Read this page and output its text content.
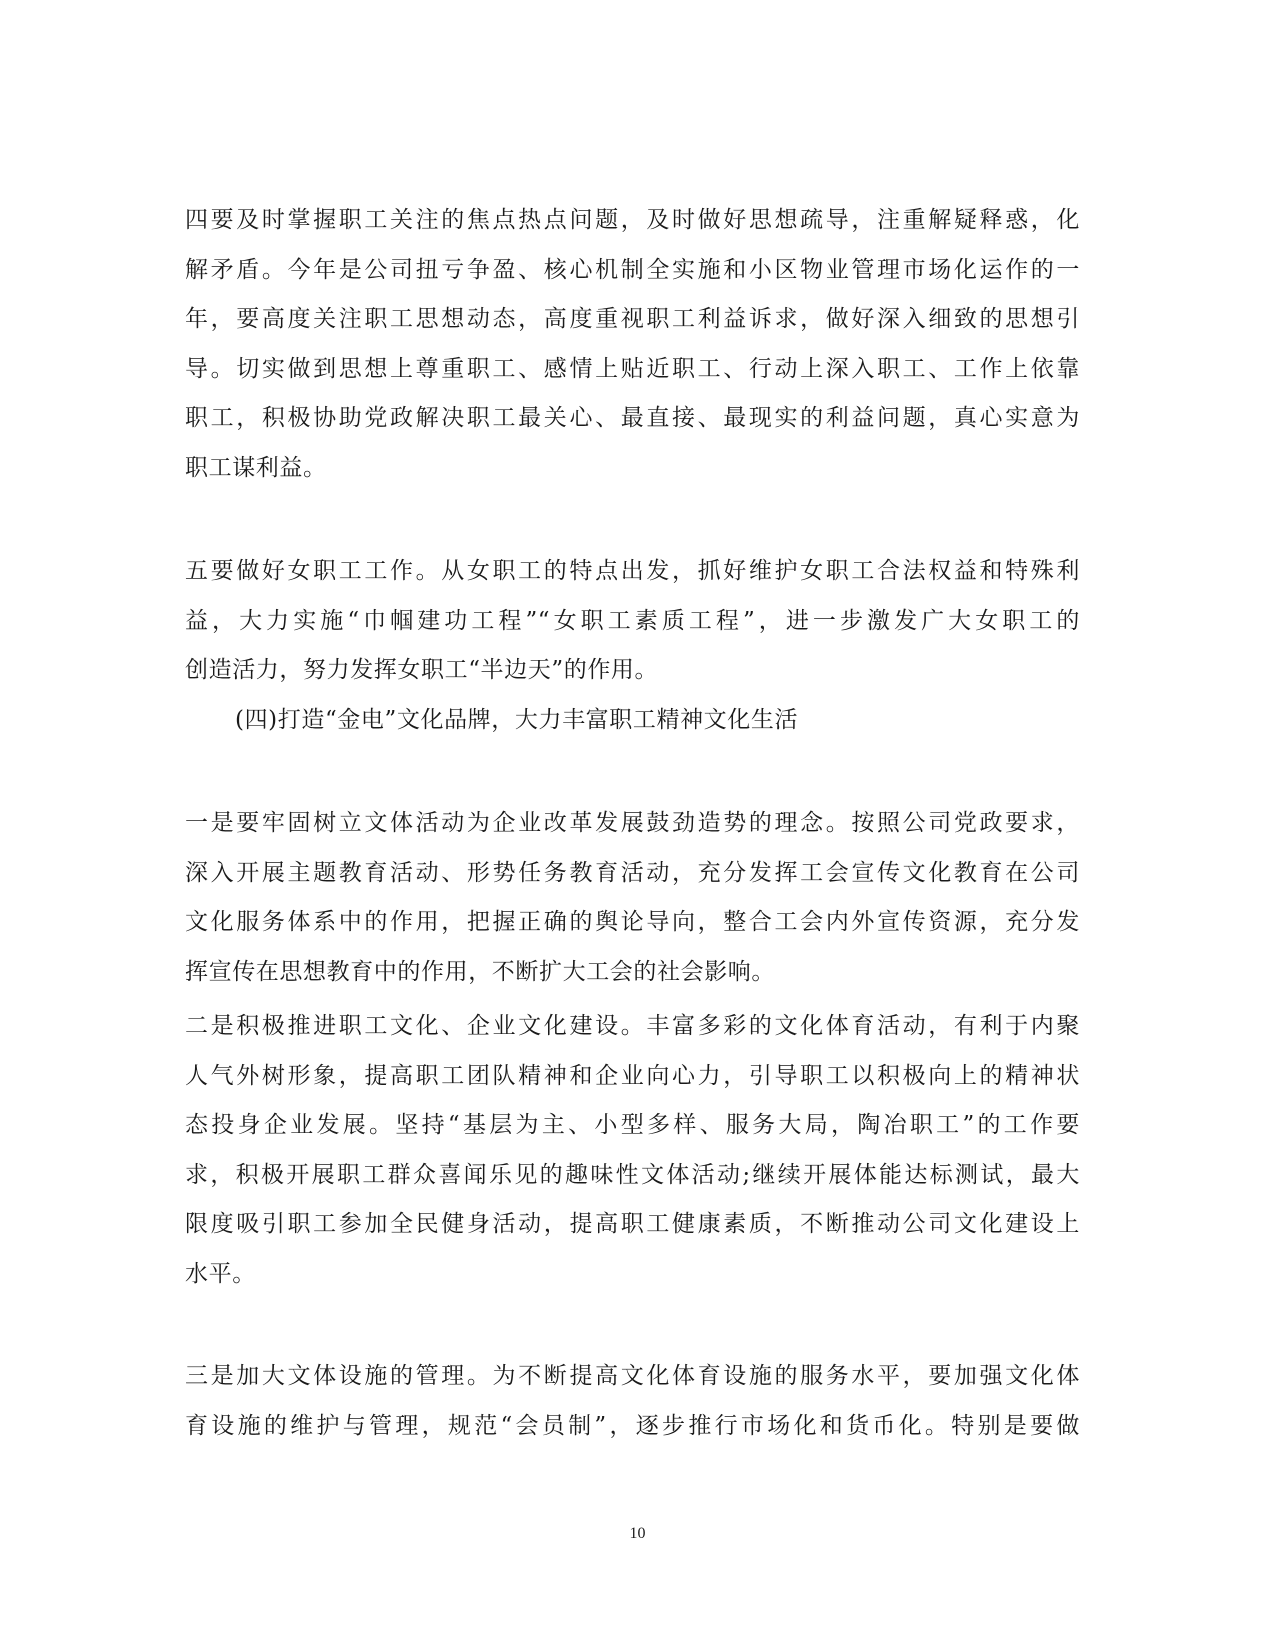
四要及时掌握职工关注的焦点热点问题，及时做好思想疏导，注重解疑释惑，化
解矛盾。今年是公司扭亏争盈、核心机制全实施和小区物业管理市场化运作的一
年，要高度关注职工思想动态，高度重视职工利益诉求，做好深入细致的思想引
导。切实做到思想上尊重职工、感情上贴近职工、行动上深入职工、工作上依靠
职工，积极协助党政解决职工最关心、最直接、最现实的利益问题，真心实意为
职工谋利益。
五要做好女职工工作。从女职工的特点出发，抓好维护女职工合法权益和特殊利
益，大力实施“巾帼建功工程”“女职工素质工程”，进一步激发广大女职工的
创造活力，努力发挥女职工“半边天”的作用。
(四)打造“金电”文化品牌，大力丰富职工精神文化生活
一是要牢固树立文体活动为企业改革发展鼓劲造势的理念。按照公司党政要求，
深入开展主题教育活动、形势任务教育活动，充分发挥工会宣传文化教育在公司
文化服务体系中的作用，把握正确的舆论导向，整合工会内外宣传资源，充分发
挥宣传在思想教育中的作用，不断扩大工会的社会影响。
二是积极推进职工文化、企业文化建设。丰富多彩的文化体育活动，有利于内聚
人气外树形象，提高职工团队精神和企业向心力，引导职工以积极向上的精神状
态投身企业发展。坚持“基层为主、小型多样、服务大局，陶冶职工”的工作要
求，积极开展职工群众喜闻乐见的趣味性文体活动;继续开展体能达标测试，最大
限度吸引职工参加全民健身活动，提高职工健康素质，不断推动公司文化建设上
水平。
三是加大文体设施的管理。为不断提高文化体育设施的服务水平，要加强文化体
育设施的维护与管理，规范“会员制”，逐步推行市场化和货币化。特别是要做
10
